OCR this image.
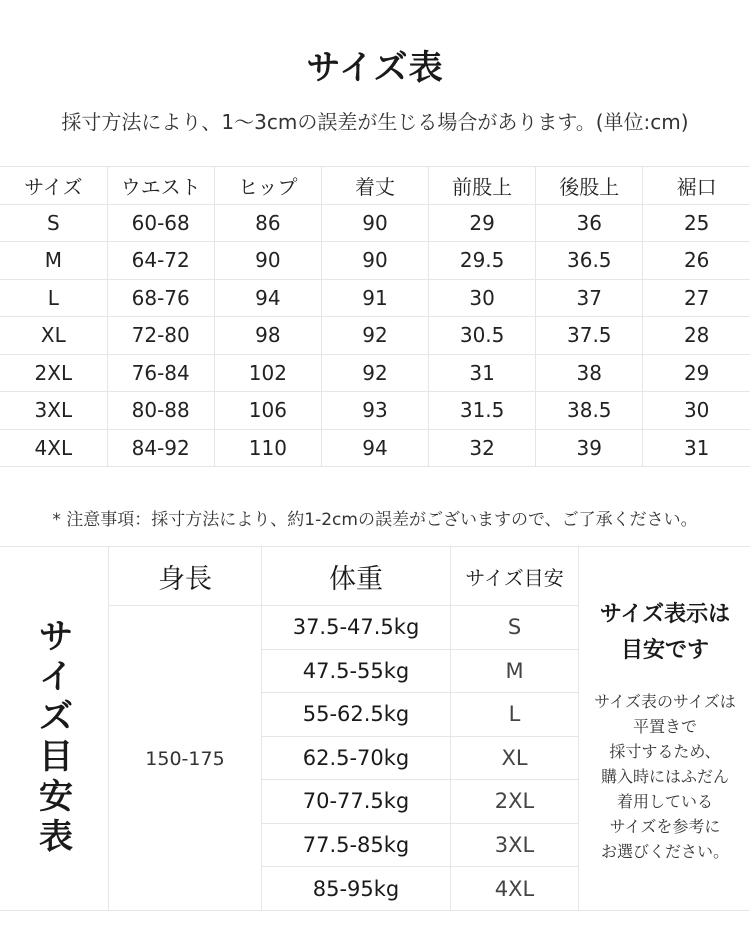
サイズ表
採寸方法により、1〜3cmの誤差が生じる場合があります。(単位:cm)
サイズ	ウエスト	ヒップ	着丈	前股上	後股上	裾口
S	60-68	86	90	29	36	25
M	64-72	90	90	29.5	36.5	26
L	68-76	94	91	30	37	27
XL	72-80	98	92	30.5	37.5	28
2XL	76-84	102	92	31	38	29
3XL	80-88	106	93	31.5	38.5	30
4XL	84-92	110	94	32	39	31
* 注意事項：採寸方法により、約1-2cmの誤差がございますので、ご了承ください。
サイズ目安表
身長	体重	サイズ目安
150-175
37.5-47.5kg	S
47.5-55kg	M
55-62.5kg	L
62.5-70kg	XL
70-77.5kg	2XL
77.5-85kg	3XL
85-95kg	4XL
サイズ表示は
目安です
サイズ表のサイズは
平置きで
採寸するため、
購入時にはふだん
着用している
サイズを参考に
お選びください。
